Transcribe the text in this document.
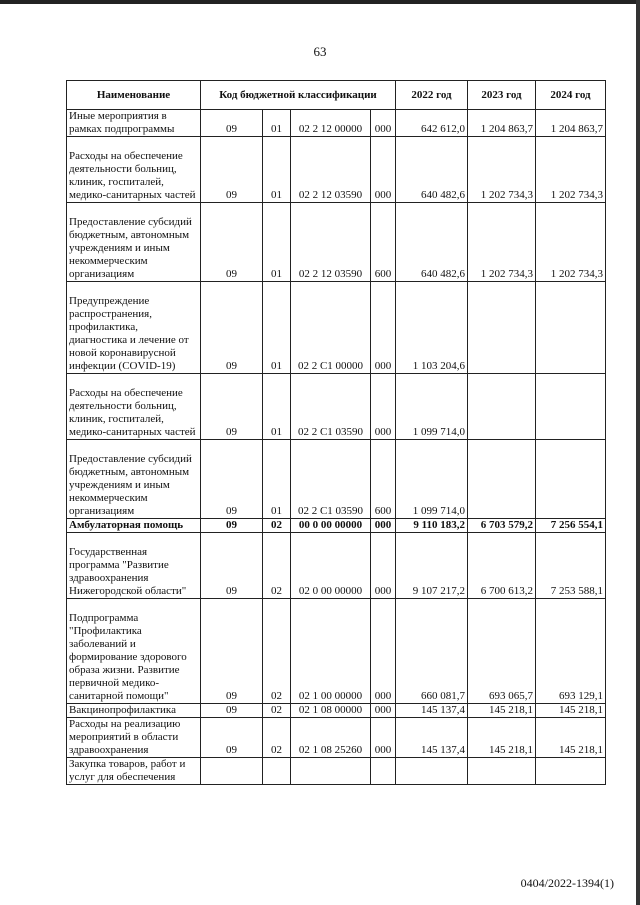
63
Наименование	Код бюджетной классификации				2022 год	2023 год	2024 год
Иные мероприятия в рамках подпрограммы	09	01	02 2 12 00000	000	642 612,0	1 204 863,7	1 204 863,7
Расходы на обеспечение деятельности больниц, клиник, госпиталей, медико-санитарных частей	09	01	02 2 12 03590	000	640 482,6	1 202 734,3	1 202 734,3
Предоставление субсидий бюджетным, автономным учреждениям и иным некоммерческим организациям	09	01	02 2 12 03590	600	640 482,6	1 202 734,3	1 202 734,3
Предупреждение распространения, профилактика, диагностика и лечение от новой коронавирусной инфекции (COVID-19)	09	01	02 2 C1 00000	000	1 103 204,6		
Расходы на обеспечение деятельности больниц, клиник, госпиталей, медико-санитарных частей	09	01	02 2 C1 03590	000	1 099 714,0		
Предоставление субсидий бюджетным, автономным учреждениям и иным некоммерческим организациям	09	01	02 2 C1 03590	600	1 099 714,0		
Амбулаторная помощь	09	02	00 0 00 00000	000	9 110 183,2	6 703 579,2	7 256 554,1
Государственная программа "Развитие здравоохранения Нижегородской области"	09	02	02 0 00 00000	000	9 107 217,2	6 700 613,2	7 253 588,1
Подпрограмма "Профилактика заболеваний и формирование здорового образа жизни. Развитие первичной медико-санитарной помощи"	09	02	02 1 00 00000	000	660 081,7	693 065,7	693 129,1
Вакцинопрофилактика	09	02	02 1 08 00000	000	145 137,4	145 218,1	145 218,1
Расходы на реализацию мероприятий в области здравоохранения	09	02	02 1 08 25260	000	145 137,4	145 218,1	145 218,1
Закупка товаров, работ и услуг для обеспечения							
0404/2022-1394(1)
